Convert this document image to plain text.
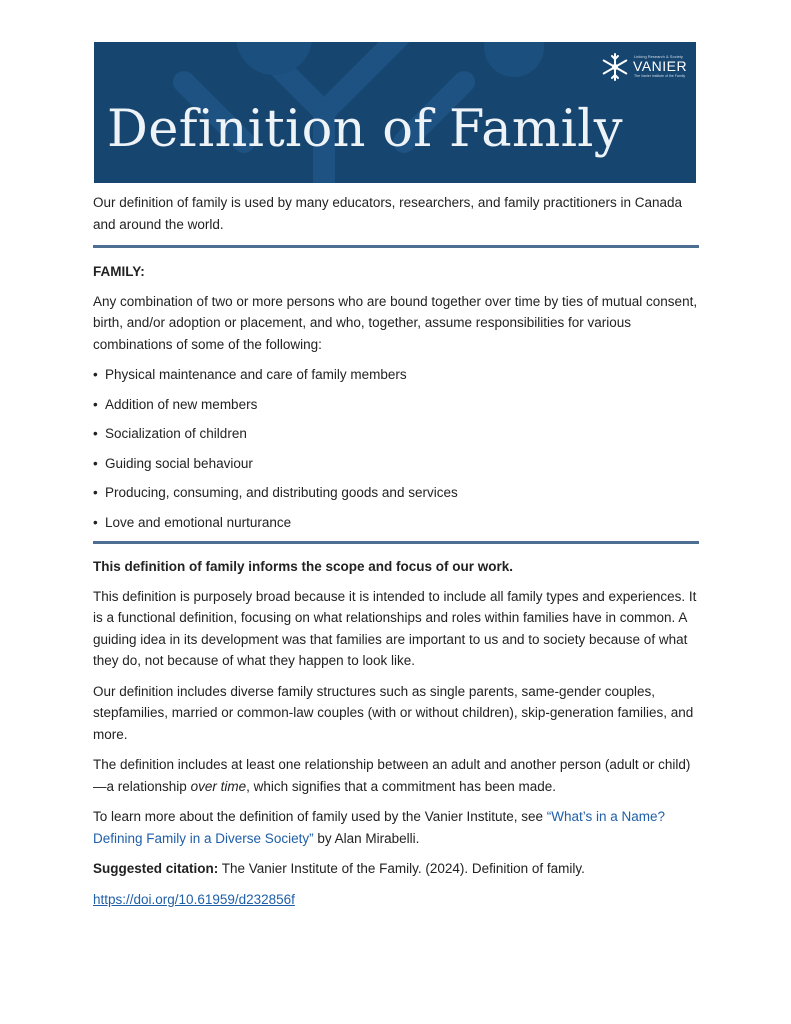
Linking Research & Society
VANIER
The Vanier Institute of the Family
Definition of Family

Our definition of family is used by many educators, researchers, and family practitioners in Canada and around the world.

FAMILY:

Any combination of two or more persons who are bound together over time by ties of mutual consent, birth, and/or adoption or placement, and who, together, assume responsibilities for various combinations of some of the following:

• Physical maintenance and care of family members
• Addition of new members
• Socialization of children
• Guiding social behaviour
• Producing, consuming, and distributing goods and services
• Love and emotional nurturance

This definition of family informs the scope and focus of our work.

This definition is purposely broad because it is intended to include all family types and experiences. It is a functional definition, focusing on what relationships and roles within families have in common. A guiding idea in its development was that families are important to us and to society because of what they do, not because of what they happen to look like.

Our definition includes diverse family structures such as single parents, same-gender couples, stepfamilies, married or common-law couples (with or without children), skip-generation families, and more.

The definition includes at least one relationship between an adult and another person (adult or child)—a relationship over time, which signifies that a commitment has been made.

To learn more about the definition of family used by the Vanier Institute, see “What’s in a Name? Defining Family in a Diverse Society” by Alan Mirabelli.

Suggested citation: The Vanier Institute of the Family. (2024). Definition of family.

https://doi.org/10.61959/d232856f
